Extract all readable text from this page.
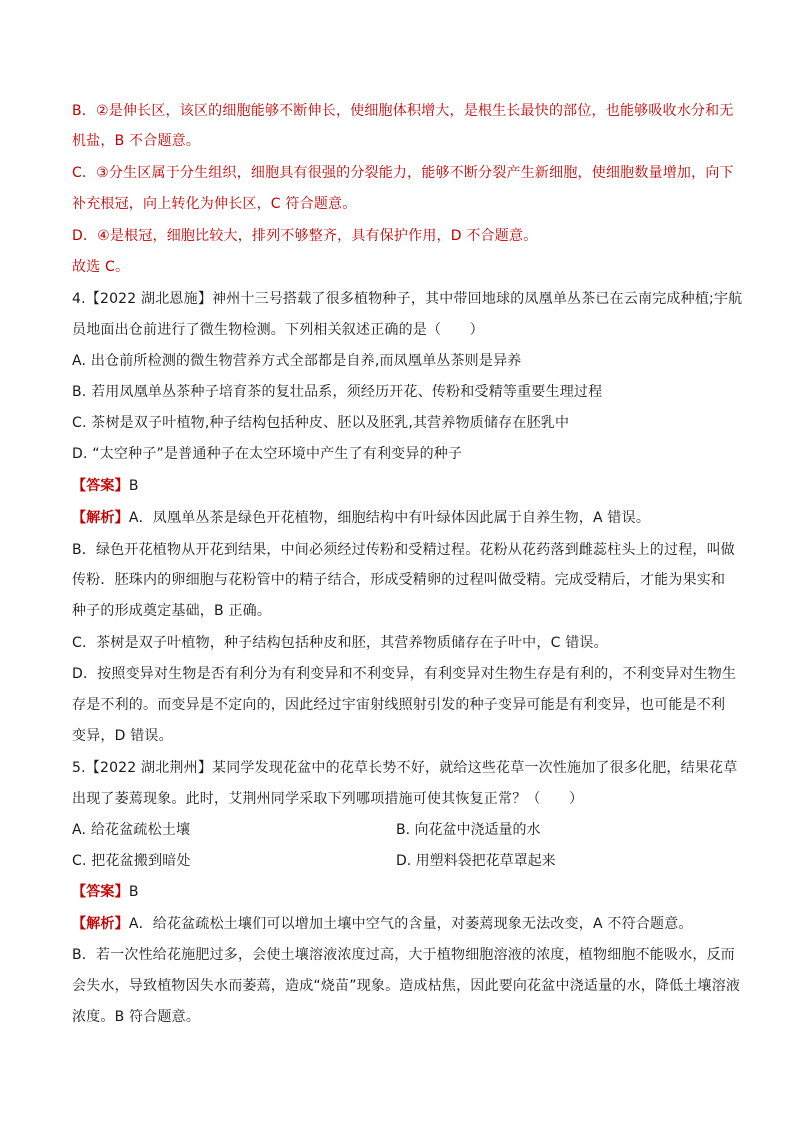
B．②是伸长区，该区的细胞能够不断伸长，使细胞体积增大，是根生长最快的部位，也能够吸收水分和无
机盐，B 不合题意。
C．③分生区属于分生组织，细胞具有很强的分裂能力，能够不断分裂产生新细胞，使细胞数量增加，向下
补充根冠，向上转化为伸长区，C 符合题意。
D．④是根冠，细胞比较大，排列不够整齐，具有保护作用，D 不合题意。
故选 C。
4.【2022 湖北恩施】神州十三号搭载了很多植物种子，其中带回地球的凤凰单丛茶已在云南完成种植;宇航
员地面出仓前进行了微生物检测。下列相关叙述正确的是（　　）
A. 出仓前所检测的微生物营养方式全部都是自养,而凤凰单丛茶则是异养
B. 若用凤凰单丛茶种子培育茶的复壮品系，须经历开花、传粉和受精等重要生理过程
C. 茶树是双子叶植物,种子结构包括种皮、胚以及胚乳,其营养物质储存在胚乳中
D. “太空种子”是普通种子在太空环境中产生了有利变异的种子
【答案】B
【解析】A．凤凰单丛茶是绿色开花植物，细胞结构中有叶绿体因此属于自养生物，A 错误。
B．绿色开花植物从开花到结果，中间必须经过传粉和受精过程。花粉从花药落到雌蕊柱头上的过程，叫做
传粉．胚珠内的卵细胞与花粉管中的精子结合，形成受精卵的过程叫做受精。完成受精后，才能为果实和
种子的形成奠定基础，B 正确。
C．茶树是双子叶植物，种子结构包括种皮和胚，其营养物质储存在子叶中，C 错误。
D．按照变异对生物是否有利分为有利变异和不利变异，有利变异对生物生存是有利的，不利变异对生物生
存是不利的。而变异是不定向的，因此经过宇宙射线照射引发的种子变异可能是有利变异，也可能是不利
变异，D 错误。
5.【2022 湖北荆州】某同学发现花盆中的花草长势不好，就给这些花草一次性施加了很多化肥，结果花草
出现了萎蔫现象。此时，艾荆州同学采取下列哪项措施可使其恢复正常？（　　）
A. 给花盆疏松土壤	B. 向花盆中浇适量的水
C. 把花盆搬到暗处	D. 用塑料袋把花草罩起来
【答案】B
【解析】A．给花盆疏松土壤们可以增加土壤中空气的含量，对萎蔫现象无法改变，A 不符合题意。
B．若一次性给花施肥过多，会使土壤溶液浓度过高，大于植物细胞溶液的浓度，植物细胞不能吸水，反而
会失水，导致植物因失水而萎蔫，造成“烧苗”现象。造成枯焦，因此要向花盆中浇适量的水，降低土壤溶液
浓度。B 符合题意。
